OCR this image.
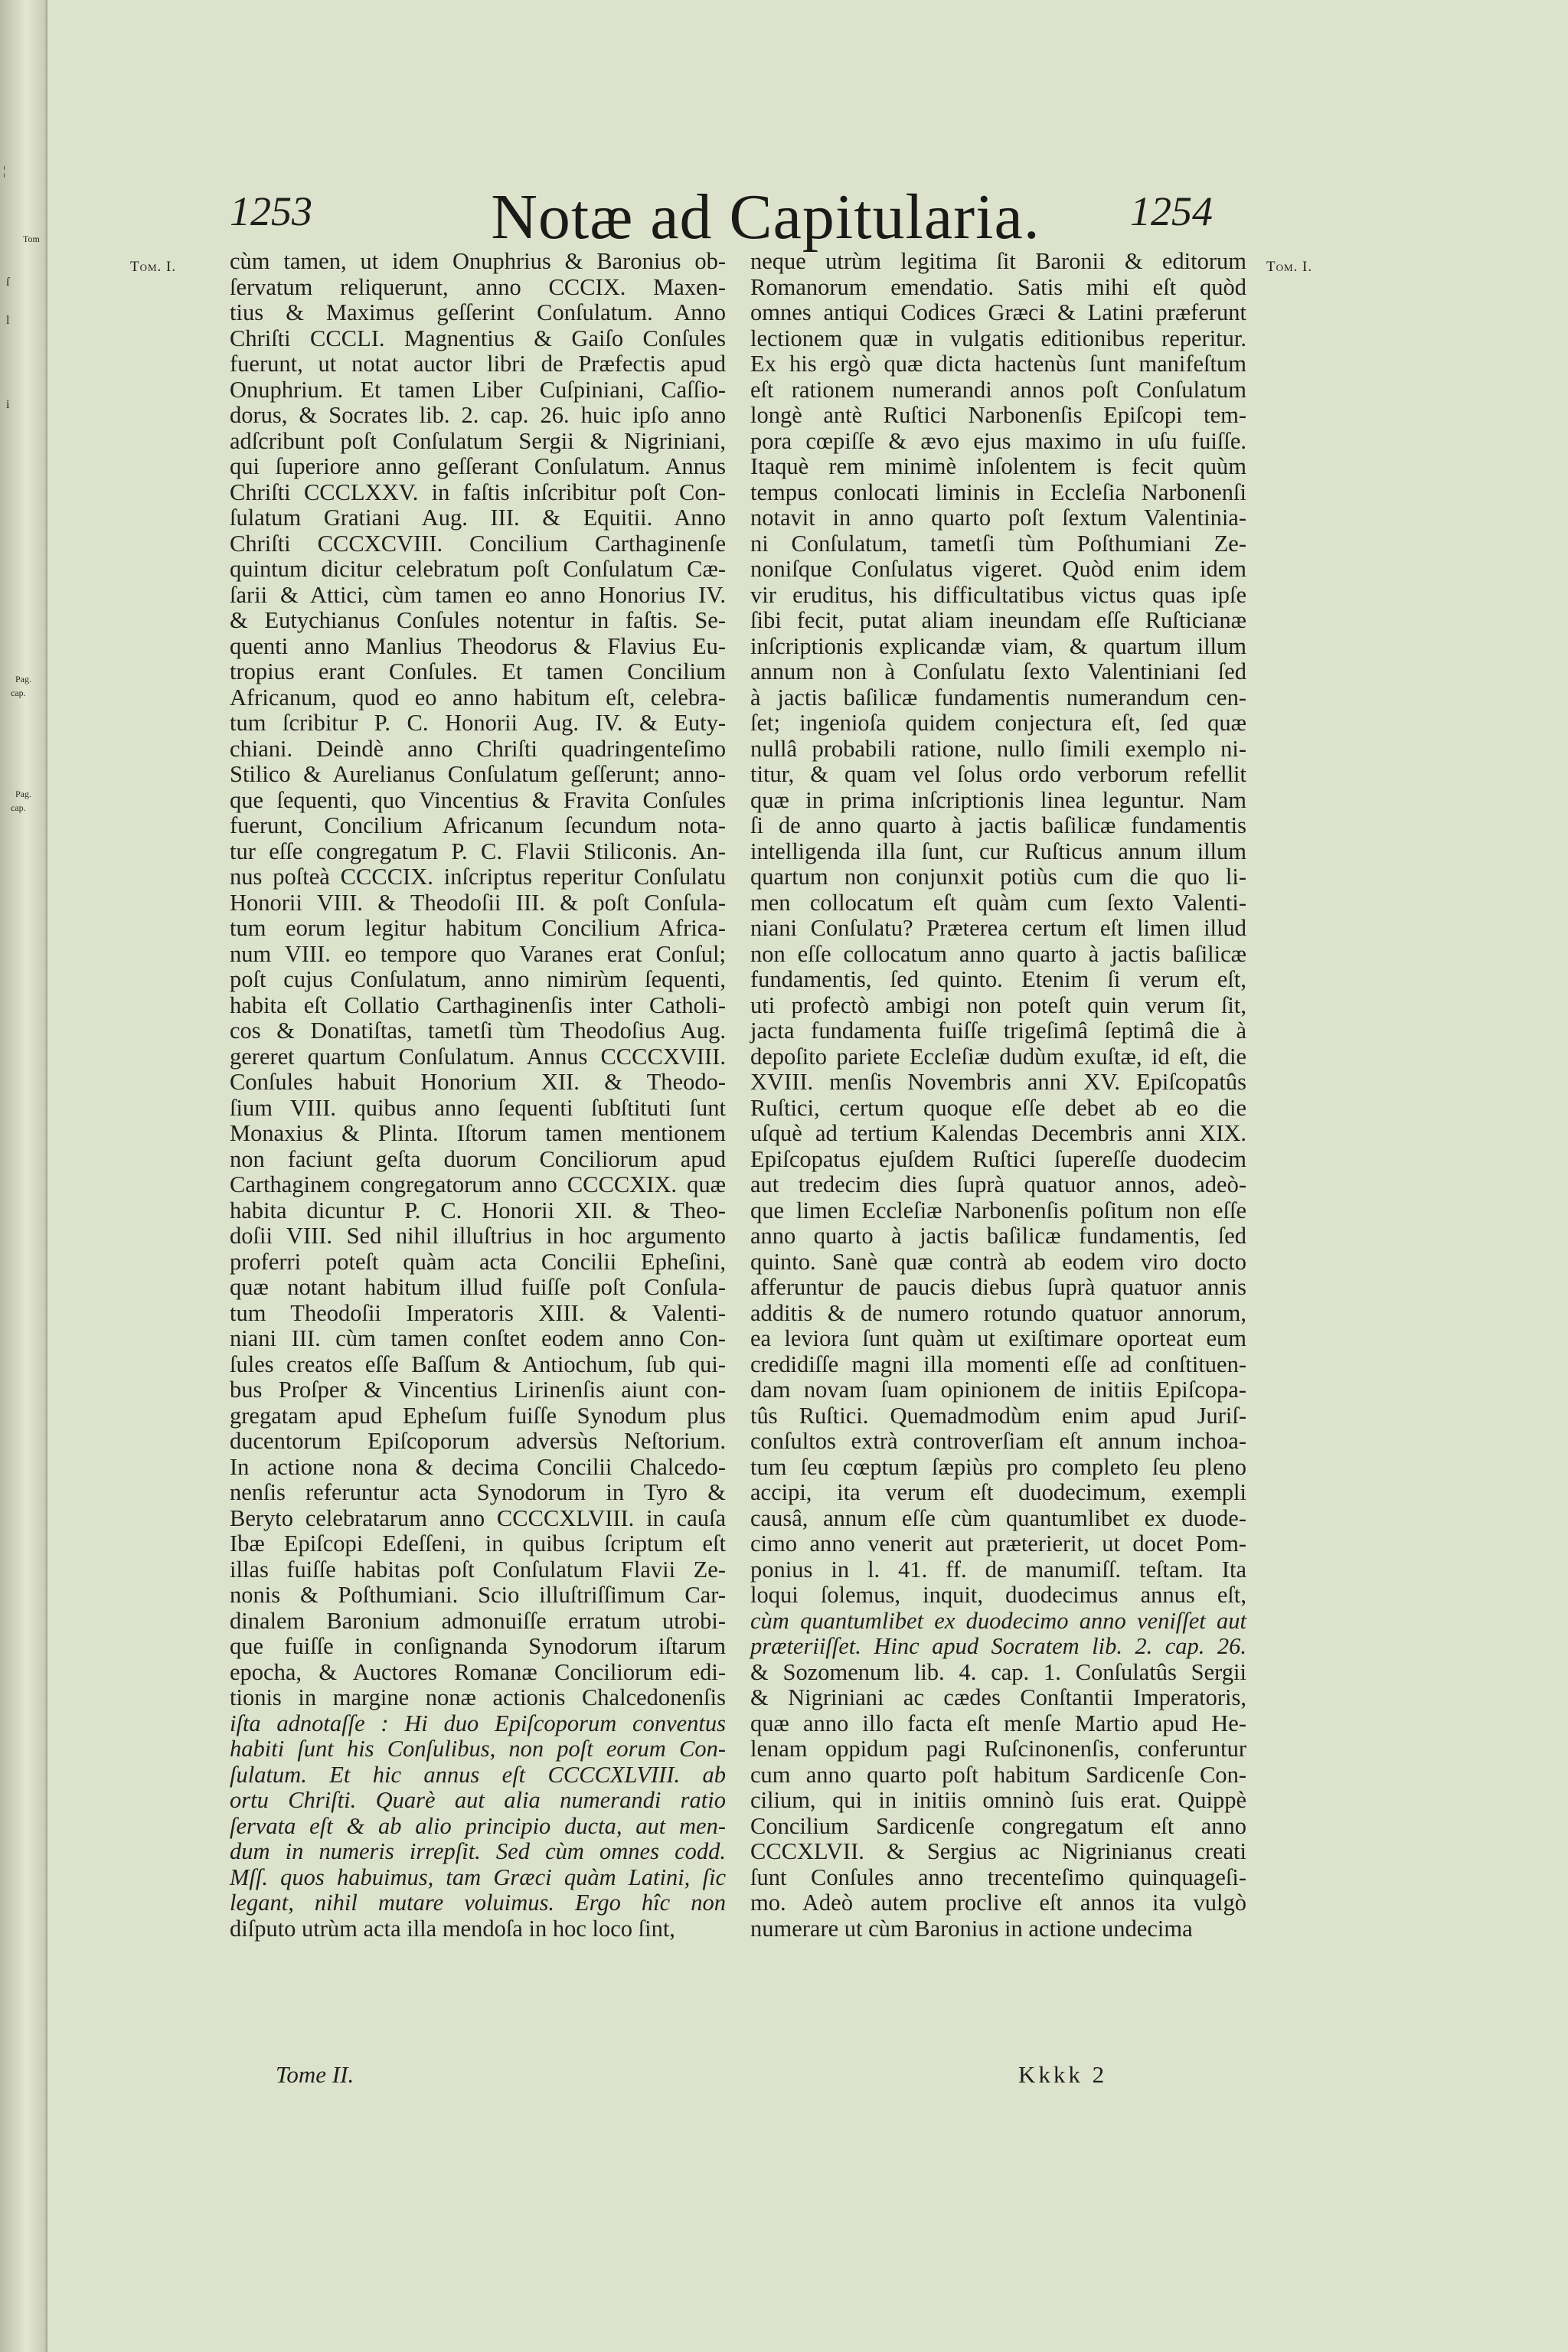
¦
Tom
ſ
l
i
Pag.
cap.
Pag.
cap.
1253	Notæ ad Capitularia.	1254
Tom. I.	Tom. I.
cùm tamen, ut idem Onuphrius & Baronius ob-
ſervatum reliquerunt, anno CCCIX. Maxen-
tius & Maximus geſſerint Conſulatum. Anno
Chriſti CCCLI. Magnentius & Gaiſo Conſules
fuerunt, ut notat auctor libri de Præfectis apud
Onuphrium. Et tamen Liber Cuſpiniani, Caſſio-
dorus, & Socrates lib. 2. cap. 26. huic ipſo anno
adſcribunt poſt Conſulatum Sergii & Nigriniani,
qui ſuperiore anno geſſerant Conſulatum. Annus
Chriſti CCCLXXV. in faſtis inſcribitur poſt Con-
ſulatum Gratiani Aug. III. & Equitii. Anno
Chriſti CCCXCVIII. Concilium Carthaginenſe
quintum dicitur celebratum poſt Conſulatum Cæ-
ſarii & Attici, cùm tamen eo anno Honorius IV.
& Eutychianus Conſules notentur in faſtis. Se-
quenti anno Manlius Theodorus & Flavius Eu-
tropius erant Conſules. Et tamen Concilium
Africanum, quod eo anno habitum eſt, celebra-
tum ſcribitur P. C. Honorii Aug. IV. & Euty-
chiani. Deindè anno Chriſti quadringenteſimo
Stilico & Aurelianus Conſulatum geſſerunt; anno-
que ſequenti, quo Vincentius & Fravita Conſules
fuerunt, Concilium Africanum ſecundum nota-
tur eſſe congregatum P. C. Flavii Stiliconis. An-
nus poſteà CCCCIX. inſcriptus reperitur Conſulatu
Honorii VIII. & Theodoſii III. & poſt Conſula-
tum eorum legitur habitum Concilium Africa-
num VIII. eo tempore quo Varanes erat Conſul;
poſt cujus Conſulatum, anno nimirùm ſequenti,
habita eſt Collatio Carthaginenſis inter Catholi-
cos & Donatiſtas, tametſi tùm Theodoſius Aug.
gereret quartum Conſulatum. Annus CCCCXVIII.
Conſules habuit Honorium XII. & Theodo-
ſium VIII. quibus anno ſequenti ſubſtituti ſunt
Monaxius & Plinta. Iſtorum tamen mentionem
non faciunt geſta duorum Conciliorum apud
Carthaginem congregatorum anno CCCCXIX. quæ
habita dicuntur P. C. Honorii XII. & Theo-
doſii VIII. Sed nihil illuſtrius in hoc argumento
proferri poteſt quàm acta Concilii Epheſini,
quæ notant habitum illud fuiſſe poſt Conſula-
tum Theodoſii Imperatoris XIII. & Valenti-
niani III. cùm tamen conſtet eodem anno Con-
ſules creatos eſſe Baſſum & Antiochum, ſub qui-
bus Proſper & Vincentius Lirinenſis aiunt con-
gregatam apud Epheſum fuiſſe Synodum plus
ducentorum Epiſcoporum adversùs Neſtorium.
In actione nona & decima Concilii Chalcedo-
nenſis referuntur acta Synodorum in Tyro &
Beryto celebratarum anno CCCCXLVIII. in cauſa
Ibæ Epiſcopi Edeſſeni, in quibus ſcriptum eſt
illas fuiſſe habitas poſt Conſulatum Flavii Ze-
nonis & Poſthumiani. Scio illuſtriſſimum Car-
dinalem Baronium admonuiſſe erratum utrobi-
que fuiſſe in conſignanda Synodorum iſtarum
epocha, & Auctores Romanæ Conciliorum edi-
tionis in margine nonæ actionis Chalcedonenſis
iſta adnotaſſe : Hi duo Epiſcoporum conventus
habiti ſunt his Conſulibus, non poſt eorum Con-
ſulatum. Et hic annus eſt CCCCXLVIII. ab
ortu Chriſti. Quarè aut alia numerandi ratio
ſervata eſt & ab alio principio ducta, aut men-
dum in numeris irrepſit. Sed cùm omnes codd.
Mſſ. quos habuimus, tam Græci quàm Latini, ſic
legant, nihil mutare voluimus. Ergo hîc non
diſputo utrùm acta illa mendoſa in hoc loco ſint,
neque utrùm legitima ſit Baronii & editorum
Romanorum emendatio. Satis mihi eſt quòd
omnes antiqui Codices Græci & Latini præferunt
lectionem quæ in vulgatis editionibus reperitur.
Ex his ergò quæ dicta hactenùs ſunt manifeſtum
eſt rationem numerandi annos poſt Conſulatum
longè antè Ruſtici Narbonenſis Epiſcopi tem-
pora cœpiſſe & ævo ejus maximo in uſu fuiſſe.
Itaquè rem minimè inſolentem is fecit quùm
tempus conlocati liminis in Eccleſia Narbonenſi
notavit in anno quarto poſt ſextum Valentinia-
ni Conſulatum, tametſi tùm Poſthumiani Ze-
noniſque Conſulatus vigeret. Quòd enim idem
vir eruditus, his difficultatibus victus quas ipſe
ſibi fecit, putat aliam ineundam eſſe Ruſticianæ
inſcriptionis explicandæ viam, & quartum illum
annum non à Conſulatu ſexto Valentiniani ſed
à jactis baſilicæ fundamentis numerandum cen-
ſet; ingenioſa quidem conjectura eſt, ſed quæ
nullâ probabili ratione, nullo ſimili exemplo ni-
titur, & quam vel ſolus ordo verborum refellit
quæ in prima inſcriptionis linea leguntur. Nam
ſi de anno quarto à jactis baſilicæ fundamentis
intelligenda illa ſunt, cur Ruſticus annum illum
quartum non conjunxit potiùs cum die quo li-
men collocatum eſt quàm cum ſexto Valenti-
niani Conſulatu? Præterea certum eſt limen illud
non eſſe collocatum anno quarto à jactis baſilicæ
fundamentis, ſed quinto. Etenim ſi verum eſt,
uti profectò ambigi non poteſt quin verum ſit,
jacta fundamenta fuiſſe trigeſimâ ſeptimâ die à
depoſito pariete Eccleſiæ dudùm exuſtæ, id eſt, die
XVIII. menſis Novembris anni XV. Epiſcopatûs
Ruſtici, certum quoque eſſe debet ab eo die
uſquè ad tertium Kalendas Decembris anni XIX.
Epiſcopatus ejuſdem Ruſtici ſupereſſe duodecim
aut tredecim dies ſuprà quatuor annos, adeò-
que limen Eccleſiæ Narbonenſis poſitum non eſſe
anno quarto à jactis baſilicæ fundamentis, ſed
quinto. Sanè quæ contrà ab eodem viro docto
afferuntur de paucis diebus ſuprà quatuor annis
additis & de numero rotundo quatuor annorum,
ea leviora ſunt quàm ut exiſtimare oporteat eum
credidiſſe magni illa momenti eſſe ad conſtituen-
dam novam ſuam opinionem de initiis Epiſcopa-
tûs Ruſtici. Quemadmodùm enim apud Juriſ-
conſultos extrà controverſiam eſt annum inchoa-
tum ſeu cœptum ſæpiùs pro completo ſeu pleno
accipi, ita verum eſt duodecimum, exempli
causâ, annum eſſe cùm quantumlibet ex duode-
cimo anno venerit aut præterierit, ut docet Pom-
ponius in l. 41. ff. de manumiſſ. teſtam. Ita
loqui ſolemus, inquit, duodecimus annus eſt,
cùm quantumlibet ex duodecimo anno veniſſet aut
præteriiſſet. Hinc apud Socratem lib. 2. cap. 26.
& Sozomenum lib. 4. cap. 1. Conſulatûs Sergii
& Nigriniani ac cædes Conſtantii Imperatoris,
quæ anno illo facta eſt menſe Martio apud He-
lenam oppidum pagi Ruſcinonenſis, conferuntur
cum anno quarto poſt habitum Sardicenſe Con-
cilium, qui in initiis omninò ſuis erat. Quippè
Concilium Sardicenſe congregatum eſt anno
CCCXLVII. & Sergius ac Nigrinianus creati
ſunt Conſules anno trecenteſimo quinquageſi-
mo. Adeò autem proclive eſt annos ita vulgò
numerare ut cùm Baronius in actione undecima
Tome II.	Kkkk 2
